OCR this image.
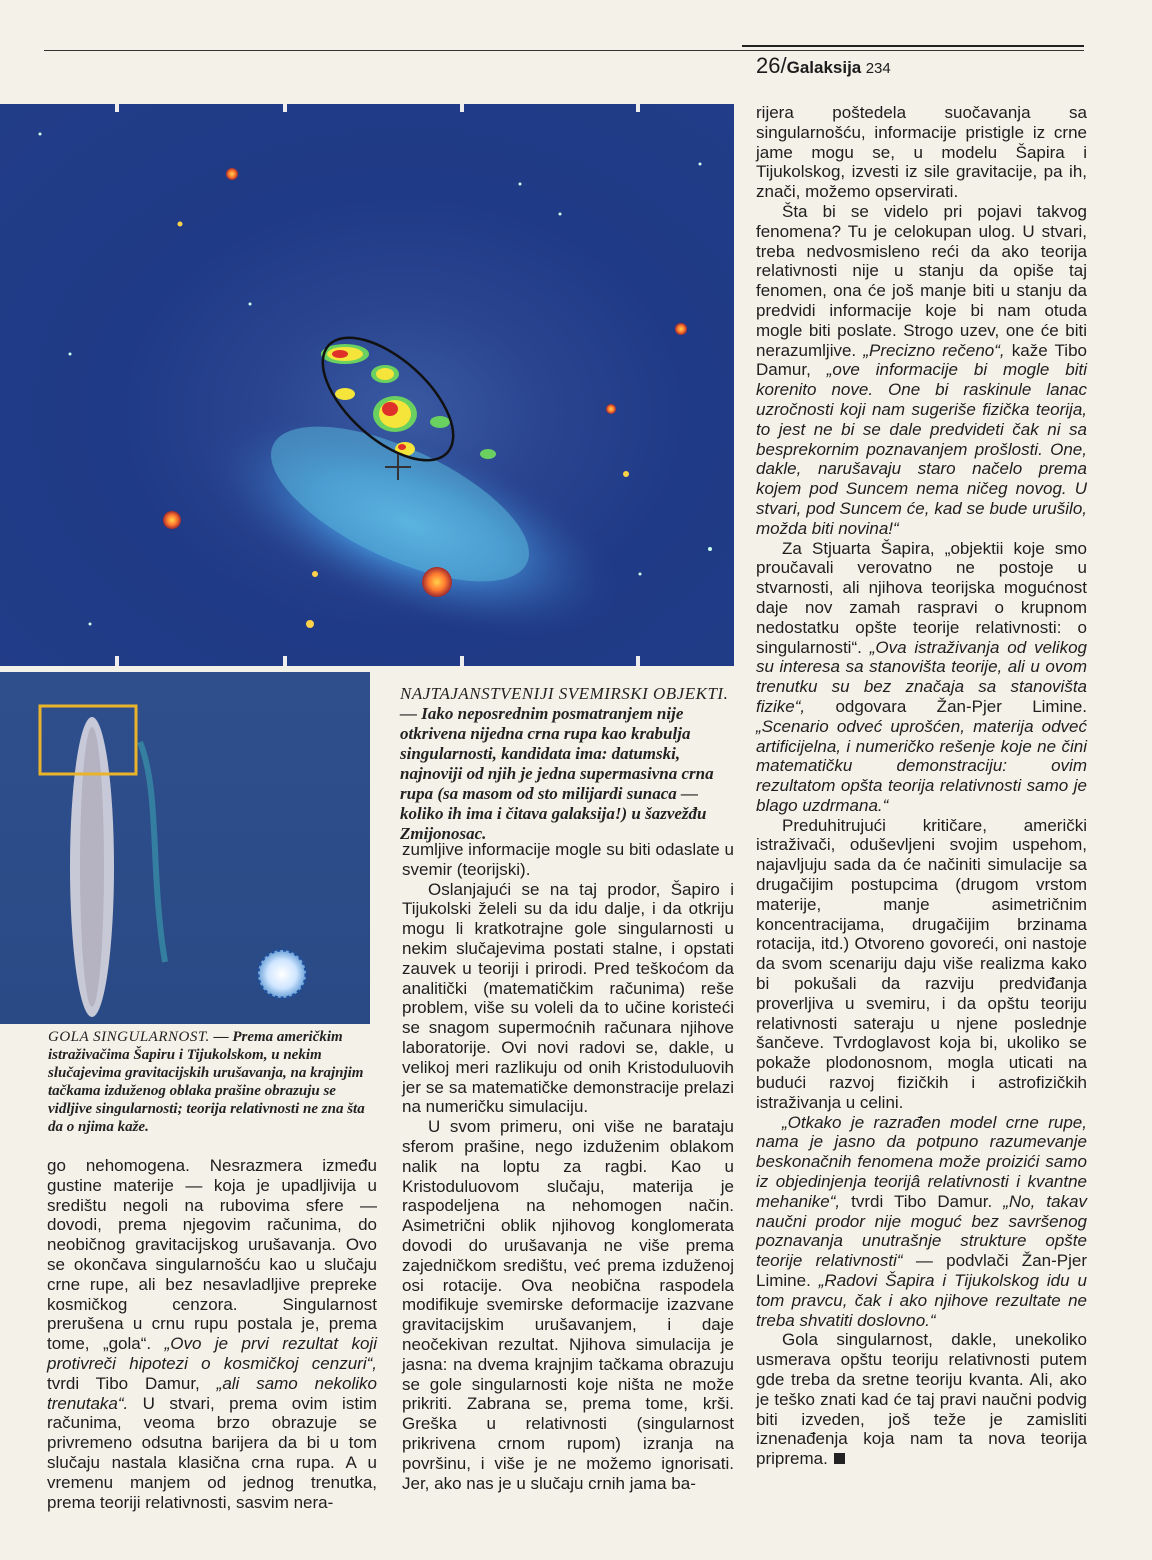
26/Galaksija 234
NAJTAJANSTVENIJI SVEMIRSKI OBJEKTI. — Iako neposrednim posmatranjem nije otkrivena nijedna crna rupa kao krabulja singularnosti, kandidata ima: datumski, najnoviji od njih je jedna supermasivna crna rupa (sa masom od sto milijardi sunaca — koliko ih ima i čitava galaksija!) u šazvežđu Zmijonosac.
GOLA SINGULARNOST. — Prema američkim istraživačima Šapiru i Tijukolskom, u nekim slučajevima gravitacijskih urušavanja, na krajnjim tačkama izduženog oblaka prašine obrazuju se vidljive singularnosti; teorija relativnosti ne zna šta da o njima kaže.

go nehomogena. Nesrazmera između gustine materije — koja je upadljivija u središtu negoli na rubovima sfere — dovodi, prema njegovim računima, do neobičnog gravitacijskog urušavanja. Ovo se okončava singularnošću kao u slučaju crne rupe, ali bez nesavladljive prepreke kosmičkog cenzora. Singularnost prerušena u crnu rupu postala je, prema tome, „gola“. „Ovo je prvi rezultat koji protivreči hipotezi o kosmičkoj cenzuri“, tvrdi Tibo Damur, „ali samo nekoliko trenutaka“. U stvari, prema ovim istim računima, veoma brzo obrazuje se privremeno odsutna barijera da bi u tom slučaju nastala klasična crna rupa. A u vremenu manjem od jednog trenutka, prema teoriji relativnosti, sasvim nera-

zumljive informacije mogle su biti odaslate u svemir (teorijski).

Oslanjajući se na taj prodor, Šapiro i Tijukolski želeli su da idu dalje, i da otkriju mogu li kratkotrajne gole singularnosti u nekim slučajevima postati stalne, i opstati zauvek u teoriji i prirodi. Pred teškoćom da analitički (matematičkim računima) reše problem, više su voleli da to učine koristeći se snagom supermoćnih računara njihove laboratorije. Ovi novi radovi se, dakle, u velikoj meri razlikuju od onih Kristoduluovih jer se sa matematičke demonstracije prelazi na numeričku simulaciju.

U svom primeru, oni više ne barataju sferom prašine, nego izduženim oblakom nalik na loptu za ragbi. Kao u Kristoduluovom slučaju, materija je raspodeljena na nehomogen način. Asimetrični oblik njihovog konglomerata dovodi do urušavanja ne više prema zajedničkom središtu, već prema izduženoj osi rotacije. Ova neobična raspodela modifikuje svemirske deformacije izazvane gravitacijskim urušavanjem, i daje neočekivan rezultat. Njihova simulacija je jasna: na dvema krajnjim tačkama obrazuju se gole singularnosti koje ništa ne može prikriti. Zabrana se, prema tome, krši. Greška u relativnosti (singularnost prikrivena crnom rupom) izranja na površinu, i više je ne možemo ignorisati. Jer, ako nas je u slučaju crnih jama ba-

rijera poštedela suočavanja sa singularnošću, informacije pristigle iz crne jame mogu se, u modelu Šapira i Tijukolskog, izvesti iz sile gravitacije, pa ih, znači, možemo opservirati.

Šta bi se videlo pri pojavi takvog fenomena? Tu je celokupan ulog. U stvari, treba nedvosmisleno reći da ako teorija relativnosti nije u stanju da opiše taj fenomen, ona će još manje biti u stanju da predvidi informacije koje bi nam otuda mogle biti poslate. Strogo uzev, one će biti nerazumljive. „Precizno rečeno“, kaže Tibo Damur, „ove informacije bi mogle biti korenito nove. One bi raskinule lanac uzročnosti koji nam sugeriše fizička teorija, to jest ne bi se dale predvideti čak ni sa besprekornim poznavanjem prošlosti. One, dakle, narušavaju staro načelo prema kojem pod Suncem nema ničeg novog. U stvari, pod Suncem će, kad se bude urušilo, možda biti novina!“

Za Stjuarta Šapira, „objektii koje smo proučavali verovatno ne postoje u stvarnosti, ali njihova teorijska mogućnost daje nov zamah raspravi o krupnom nedostatku opšte teorije relativnosti: o singularnosti“. „Ova istraživanja od velikog su interesa sa stanovišta teorije, ali u ovom trenutku su bez značaja sa stanovišta fizike“, odgovara Žan-Pjer Limine. „Scenario odveć uprošćen, materija odveć artificijelna, i numeričko rešenje koje ne čini matematičku demonstraciju: ovim rezultatom opšta teorija relativnosti samo je blago uzdrmana.“

Preduhitrujući kritičare, američki istraživači, oduševljeni svojim uspehom, najavljuju sada da će načiniti simulacije sa drugačijim postupcima (drugom vrstom materije, manje asimetričnim koncentracijama, drugačijim brzinama rotacija, itd.) Otvoreno govoreći, oni nastoje da svom scenariju daju više realizma kako bi pokušali da razviju predviđanja proverljiva u svemiru, i da opštu teoriju relativnosti sateraju u njene poslednje šančeve. Tvrdoglavost koja bi, ukoliko se pokaže plodonosnom, mogla uticati na budući razvoj fizičkih i astrofizičkih istraživanja u celini.

„Otkako je razrađen model crne rupe, nama je jasno da potpuno razumevanje beskonačnih fenomena može proizići samo iz objedinjenja teorijâ relativnosti i kvantne mehanike“, tvrdi Tibo Damur. „No, takav naučni prodor nije moguć bez savršenog poznavanja unutrašnje strukture opšte teorije relativnosti“ — podvlači Žan-Pjer Limine. „Radovi Šapira i Tijukolskog idu u tom pravcu, čak i ako njihove rezultate ne treba shvatiti doslovno.“

Gola singularnost, dakle, unekoliko usmerava opštu teoriju relativnosti putem gde treba da sretne teoriju kvanta. Ali, ako je teško znati kad će taj pravi naučni podvig biti izveden, još teže je zamisliti iznenađenja koja nam ta nova teorija priprema.
